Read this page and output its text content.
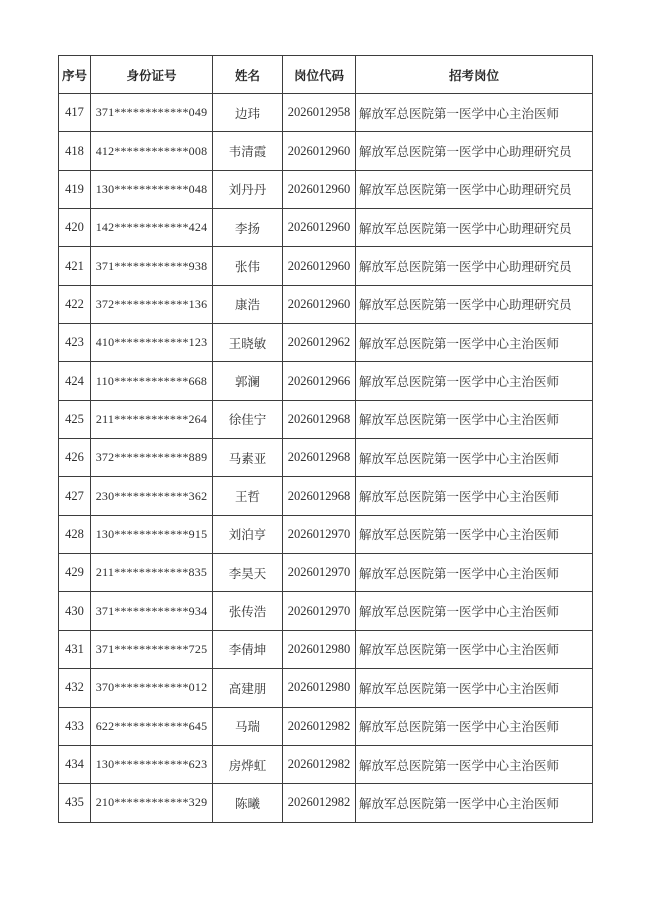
序号	身份证号	姓名	岗位代码	招考岗位
417	371************049	边玮	2026012958	解放军总医院第一医学中心主治医师
418	412************008	韦清霞	2026012960	解放军总医院第一医学中心助理研究员
419	130************048	刘丹丹	2026012960	解放军总医院第一医学中心助理研究员
420	142************424	李扬	2026012960	解放军总医院第一医学中心助理研究员
421	371************938	张伟	2026012960	解放军总医院第一医学中心助理研究员
422	372************136	康浩	2026012960	解放军总医院第一医学中心助理研究员
423	410************123	王晓敏	2026012962	解放军总医院第一医学中心主治医师
424	110************668	郭澜	2026012966	解放军总医院第一医学中心主治医师
425	211************264	徐佳宁	2026012968	解放军总医院第一医学中心主治医师
426	372************889	马素亚	2026012968	解放军总医院第一医学中心主治医师
427	230************362	王哲	2026012968	解放军总医院第一医学中心主治医师
428	130************915	刘泊亨	2026012970	解放军总医院第一医学中心主治医师
429	211************835	李昊天	2026012970	解放军总医院第一医学中心主治医师
430	371************934	张传浩	2026012970	解放军总医院第一医学中心主治医师
431	371************725	李倩坤	2026012980	解放军总医院第一医学中心主治医师
432	370************012	高建朋	2026012980	解放军总医院第一医学中心主治医师
433	622************645	马瑞	2026012982	解放军总医院第一医学中心主治医师
434	130************623	房烨虹	2026012982	解放军总医院第一医学中心主治医师
435	210************329	陈曦	2026012982	解放军总医院第一医学中心主治医师
